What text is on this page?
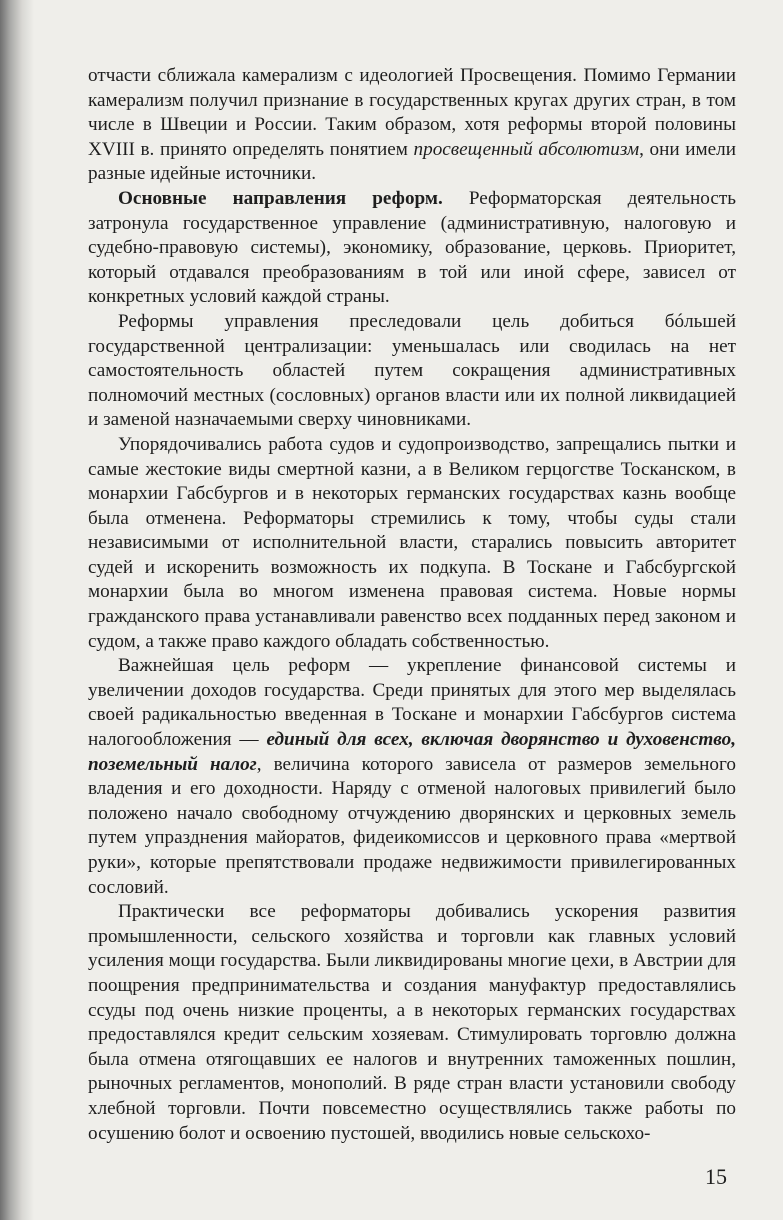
отчасти сближала камерализм с идеологией Просвещения. Помимо Германии камерализм получил признание в государственных кругах других стран, в том числе в Швеции и России. Таким образом, хотя реформы второй половины XVIII в. принято определять понятием просвещенный абсолютизм, они имели разные идейные источники.

Основные направления реформ. Реформаторская деятельность затронула государственное управление (административную, налоговую и судебно-правовую системы), экономику, образование, церковь. Приоритет, который отдавался преобразованиям в той или иной сфере, зависел от конкретных условий каждой страны.

Реформы управления преследовали цель добиться бóльшей государственной централизации: уменьшалась или сводилась на нет самостоятельность областей путем сокращения административных полномочий местных (сословных) органов власти или их полной ликвидацией и заменой назначаемыми сверху чиновниками.

Упорядочивались работа судов и судопроизводство, запрещались пытки и самые жестокие виды смертной казни, а в Великом герцогстве Тосканском, в монархии Габсбургов и в некоторых германских государствах казнь вообще была отменена. Реформаторы стремились к тому, чтобы суды стали независимыми от исполнительной власти, старались повысить авторитет судей и искоренить возможность их подкупа. В Тоскане и Габсбургской монархии была во многом изменена правовая система. Новые нормы гражданского права устанавливали равенство всех подданных перед законом и судом, а также право каждого обладать собственностью.

Важнейшая цель реформ — укрепление финансовой системы и увеличении доходов государства. Среди принятых для этого мер выделялась своей радикальностью введенная в Тоскане и монархии Габсбургов система налогообложения — единый для всех, включая дворянство и духовенство, поземельный налог, величина которого зависела от размеров земельного владения и его доходности. Наряду с отменой налоговых привилегий было положено начало свободному отчуждению дворянских и церковных земель путем упразднения майоратов, фидеикомиссов и церковного права «мертвой руки», которые препятствовали продаже недвижимости привилегированных сословий.

Практически все реформаторы добивались ускорения развития промышленности, сельского хозяйства и торговли как главных условий усиления мощи государства. Были ликвидированы многие цехи, в Австрии для поощрения предпринимательства и создания мануфактур предоставлялись ссуды под очень низкие проценты, а в некоторых германских государствах предоставлялся кредит сельским хозяевам. Стимулировать торговлю должна была отмена отягощавших ее налогов и внутренних таможенных пошлин, рыночных регламентов, монополий. В ряде стран власти установили свободу хлебной торговли. Почти повсеместно осуществлялись также работы по осушению болот и освоению пустошей, вводились новые сельскохо-

15
